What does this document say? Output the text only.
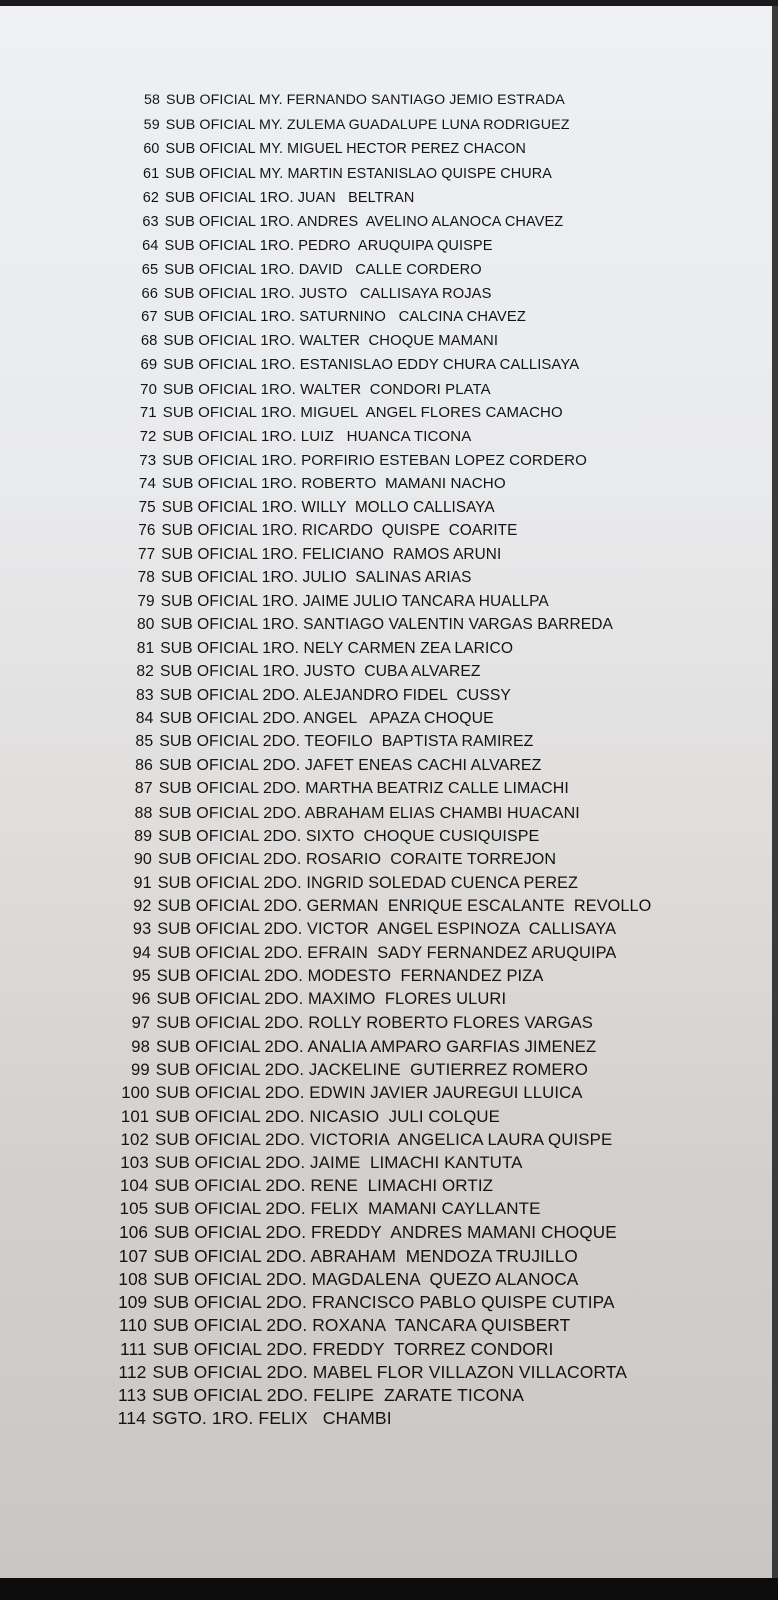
58 SUB OFICIAL MY. FERNANDO SANTIAGO JEMIO ESTRADA
59 SUB OFICIAL MY. ZULEMA GUADALUPE LUNA RODRIGUEZ
60 SUB OFICIAL MY. MIGUEL HECTOR PEREZ CHACON
61 SUB OFICIAL MY. MARTIN ESTANISLAO QUISPE CHURA
62 SUB OFICIAL 1RO. JUAN   BELTRAN
63 SUB OFICIAL 1RO. ANDRES  AVELINO ALANOCA CHAVEZ
64 SUB OFICIAL 1RO. PEDRO  ARUQUIPA QUISPE
65 SUB OFICIAL 1RO. DAVID   CALLE CORDERO
66 SUB OFICIAL 1RO. JUSTO   CALLISAYA ROJAS
67 SUB OFICIAL 1RO. SATURNINO   CALCINA CHAVEZ
68 SUB OFICIAL 1RO. WALTER  CHOQUE MAMANI
69 SUB OFICIAL 1RO. ESTANISLAO EDDY CHURA CALLISAYA
70 SUB OFICIAL 1RO. WALTER  CONDORI PLATA
71 SUB OFICIAL 1RO. MIGUEL  ANGEL FLORES CAMACHO
72 SUB OFICIAL 1RO. LUIZ   HUANCA TICONA
73 SUB OFICIAL 1RO. PORFIRIO ESTEBAN LOPEZ CORDERO
74 SUB OFICIAL 1RO. ROBERTO  MAMANI NACHO
75 SUB OFICIAL 1RO. WILLY  MOLLO CALLISAYA
76 SUB OFICIAL 1RO. RICARDO  QUISPE  COARITE
77 SUB OFICIAL 1RO. FELICIANO  RAMOS ARUNI
78 SUB OFICIAL 1RO. JULIO  SALINAS ARIAS
79 SUB OFICIAL 1RO. JAIME JULIO TANCARA HUALLPA
80 SUB OFICIAL 1RO. SANTIAGO VALENTIN VARGAS BARREDA
81 SUB OFICIAL 1RO. NELY CARMEN ZEA LARICO
82 SUB OFICIAL 1RO. JUSTO  CUBA ALVAREZ
83 SUB OFICIAL 2DO. ALEJANDRO FIDEL  CUSSY
84 SUB OFICIAL 2DO. ANGEL   APAZA CHOQUE
85 SUB OFICIAL 2DO. TEOFILO  BAPTISTA RAMIREZ
86 SUB OFICIAL 2DO. JAFET ENEAS CACHI ALVAREZ
87 SUB OFICIAL 2DO. MARTHA BEATRIZ CALLE LIMACHI
88 SUB OFICIAL 2DO. ABRAHAM ELIAS CHAMBI HUACANI
89 SUB OFICIAL 2DO. SIXTO  CHOQUE CUSIQUISPE
90 SUB OFICIAL 2DO. ROSARIO  CORAITE TORREJON
91 SUB OFICIAL 2DO. INGRID SOLEDAD CUENCA PEREZ
92 SUB OFICIAL 2DO. GERMAN  ENRIQUE ESCALANTE  REVOLLO
93 SUB OFICIAL 2DO. VICTOR  ANGEL ESPINOZA  CALLISAYA
94 SUB OFICIAL 2DO. EFRAIN  SADY FERNANDEZ ARUQUIPA
95 SUB OFICIAL 2DO. MODESTO  FERNANDEZ PIZA
96 SUB OFICIAL 2DO. MAXIMO  FLORES ULURI
97 SUB OFICIAL 2DO. ROLLY ROBERTO FLORES VARGAS
98 SUB OFICIAL 2DO. ANALIA AMPARO GARFIAS JIMENEZ
99 SUB OFICIAL 2DO. JACKELINE  GUTIERREZ ROMERO
100 SUB OFICIAL 2DO. EDWIN JAVIER JAUREGUI LLUICA
101 SUB OFICIAL 2DO. NICASIO  JULI COLQUE
102 SUB OFICIAL 2DO. VICTORIA  ANGELICA LAURA QUISPE
103 SUB OFICIAL 2DO. JAIME  LIMACHI KANTUTA
104 SUB OFICIAL 2DO. RENE  LIMACHI ORTIZ
105 SUB OFICIAL 2DO. FELIX  MAMANI CAYLLANTE
106 SUB OFICIAL 2DO. FREDDY  ANDRES MAMANI CHOQUE
107 SUB OFICIAL 2DO. ABRAHAM  MENDOZA TRUJILLO
108 SUB OFICIAL 2DO. MAGDALENA  QUEZO ALANOCA
109 SUB OFICIAL 2DO. FRANCISCO PABLO QUISPE CUTIPA
110 SUB OFICIAL 2DO. ROXANA  TANCARA QUISBERT
111 SUB OFICIAL 2DO. FREDDY  TORREZ CONDORI
112 SUB OFICIAL 2DO. MABEL FLOR VILLAZON VILLACORTA
113 SUB OFICIAL 2DO. FELIPE  ZARATE TICONA
114 SGTO. 1RO. FELIX   CHAMBI
